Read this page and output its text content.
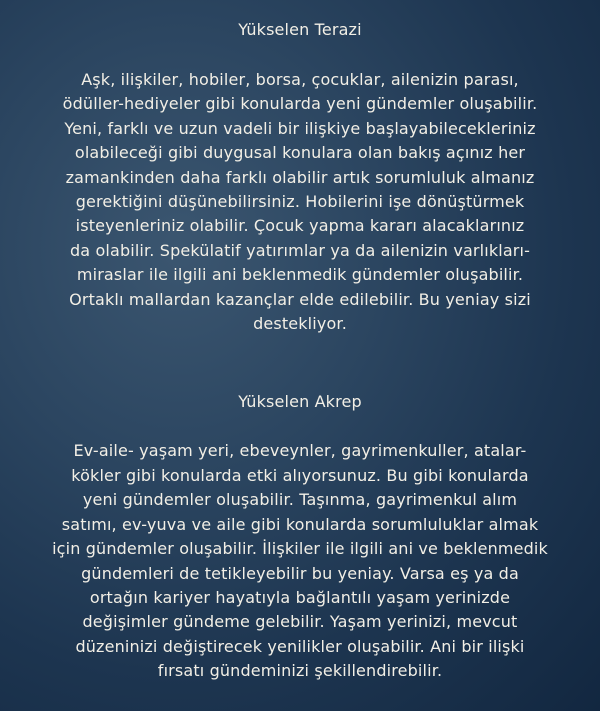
Yükselen Terazi

Aşk, ilişkiler, hobiler, borsa, çocuklar, ailenizin parası,
ödüller-hediyeler gibi konularda yeni gündemler oluşabilir.
Yeni, farklı ve uzun vadeli bir ilişkiye başlayabilecekleriniz
olabileceği gibi duygusal konulara olan bakış açınız her
zamankinden daha farklı olabilir artık sorumluluk almanız
gerektiğini düşünebilirsiniz. Hobilerini işe dönüştürmek
isteyenleriniz olabilir. Çocuk yapma kararı alacaklarınız
da olabilir. Spekülatif yatırımlar ya da ailenizin varlıkları-
miraslar ile ilgili ani beklenmedik gündemler oluşabilir.
Ortaklı mallardan kazançlar elde edilebilir. Bu yeniay sizi
destekliyor.

Yükselen Akrep

Ev-aile- yaşam yeri, ebeveynler, gayrimenkuller, atalar-
kökler gibi konularda etki alıyorsunuz. Bu gibi konularda
yeni gündemler oluşabilir. Taşınma, gayrimenkul alım
satımı, ev-yuva ve aile gibi konularda sorumluluklar almak
için gündemler oluşabilir. İlişkiler ile ilgili ani ve beklenmedik
gündemleri de tetikleyebilir bu yeniay. Varsa eş ya da
ortağın kariyer hayatıyla bağlantılı yaşam yerinizde
değişimler gündeme gelebilir. Yaşam yerinizi, mevcut
düzeninizi değiştirecek yenilikler oluşabilir. Ani bir ilişki
fırsatı gündeminizi şekillendirebilir.
